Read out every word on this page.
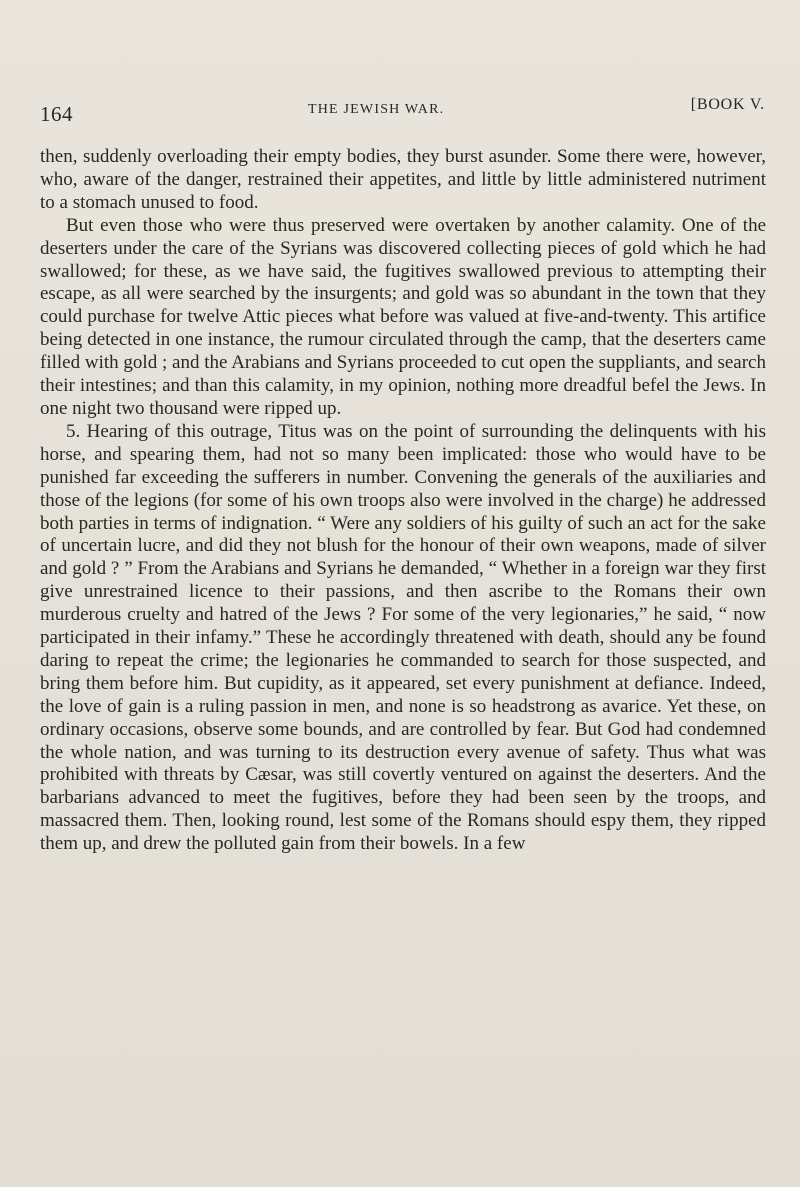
164	THE JEWISH WAR.	[BOOK V.

then, suddenly overloading their empty bodies, they burst asunder. Some there were, however, who, aware of the danger, restrained their appetites, and little by little administered nutriment to a stomach unused to food.

But even those who were thus preserved were overtaken by another calamity. One of the deserters under the care of the Syrians was discovered collecting pieces of gold which he had swallowed; for these, as we have said, the fugitives swallowed previous to attempting their escape, as all were searched by the insurgents; and gold was so abundant in the town that they could purchase for twelve Attic pieces what before was valued at five-and-twenty. This artifice being detected in one instance, the rumour circulated through the camp, that the deserters came filled with gold ; and the Arabians and Syrians proceeded to cut open the suppliants, and search their intestines; and than this calamity, in my opinion, nothing more dreadful befel the Jews. In one night two thousand were ripped up.

5. Hearing of this outrage, Titus was on the point of surrounding the delinquents with his horse, and spearing them, had not so many been implicated: those who would have to be punished far exceeding the sufferers in number. Convening the generals of the auxiliaries and those of the legions (for some of his own troops also were involved in the charge) he addressed both parties in terms of indignation. “ Were any soldiers of his guilty of such an act for the sake of uncertain lucre, and did they not blush for the honour of their own weapons, made of silver and gold ? ” From the Arabians and Syrians he demanded, “ Whether in a foreign war they first give unrestrained licence to their passions, and then ascribe to the Romans their own murderous cruelty and hatred of the Jews ? For some of the very legionaries,” he said, “ now participated in their infamy.” These he accordingly threatened with death, should any be found daring to repeat the crime; the legionaries he commanded to search for those suspected, and bring them before him. But cupidity, as it appeared, set every punishment at defiance. Indeed, the love of gain is a ruling passion in men, and none is so headstrong as avarice. Yet these, on ordinary occasions, observe some bounds, and are controlled by fear. But God had condemned the whole nation, and was turning to its destruction every avenue of safety. Thus what was prohibited with threats by Cæsar, was still covertly ventured on against the deserters. And the barbarians advanced to meet the fugitives, before they had been seen by the troops, and massacred them. Then, looking round, lest some of the Romans should espy them, they ripped them up, and drew the polluted gain from their bowels. In a few
